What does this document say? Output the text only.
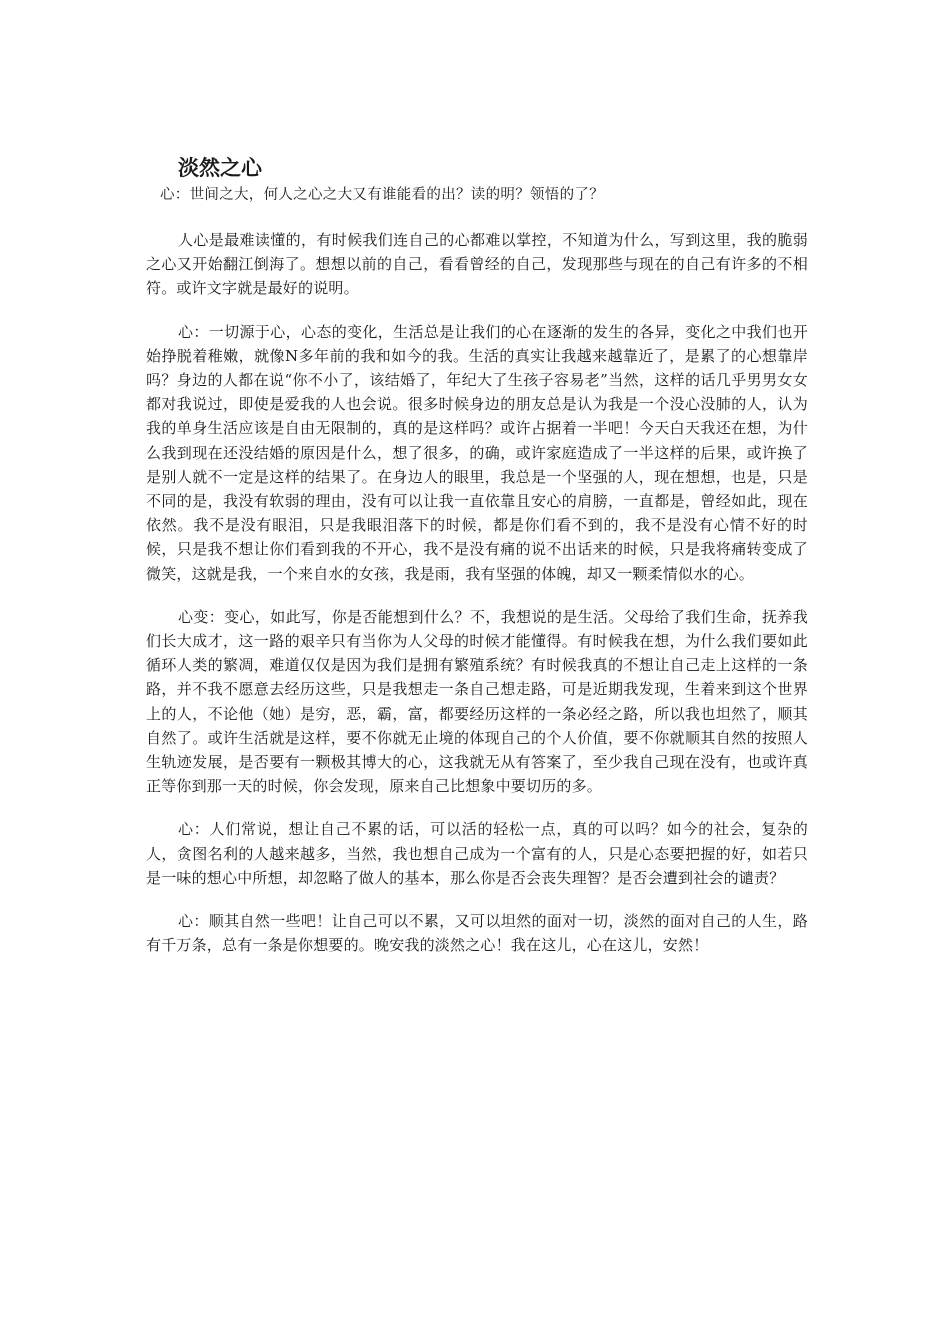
淡然之心

心：世间之大，何人之心之大又有谁能看的出？读的明？领悟的了？

人心是最难读懂的，有时候我们连自己的心都难以掌控，不知道为什么，写到这里，我的脆弱之心又开始翻江倒海了。想想以前的自己，看看曾经的自己，发现那些与现在的自己有许多的不相符。或许文字就是最好的说明。

心：一切源于心，心态的变化，生活总是让我们的心在逐渐的发生的各异，变化之中我们也开始挣脱着稚嫩，就像N多年前的我和如今的我。生活的真实让我越来越靠近了，是累了的心想靠岸吗？身边的人都在说“你不小了，该结婚了，年纪大了生孩子容易老”当然，这样的话几乎男男女女都对我说过，即使是爱我的人也会说。很多时候身边的朋友总是认为我是一个没心没肺的人，认为我的单身生活应该是自由无限制的，真的是这样吗？或许占据着一半吧！今天白天我还在想，为什么我到现在还没结婚的原因是什么，想了很多，的确，或许家庭造成了一半这样的后果，或许换了是别人就不一定是这样的结果了。在身边人的眼里，我总是一个坚强的人，现在想想，也是，只是不同的是，我没有软弱的理由，没有可以让我一直依靠且安心的肩膀，一直都是，曾经如此，现在依然。我不是没有眼泪，只是我眼泪落下的时候，都是你们看不到的，我不是没有心情不好的时候，只是我不想让你们看到我的不开心，我不是没有痛的说不出话来的时候，只是我将痛转变成了微笑，这就是我，一个来自水的女孩，我是雨，我有坚强的体魄，却又一颗柔情似水的心。

心变：变心，如此写，你是否能想到什么？不，我想说的是生活。父母给了我们生命，抚养我们长大成才，这一路的艰辛只有当你为人父母的时候才能懂得。有时候我在想，为什么我们要如此循环人类的繁凋，难道仅仅是因为我们是拥有繁殖系统？有时候我真的不想让自己走上这样的一条路，并不我不愿意去经历这些，只是我想走一条自己想走路，可是近期我发现，生着来到这个世界上的人，不论他（她）是穷，恶，霸，富，都要经历这样的一条必经之路，所以我也坦然了，顺其自然了。或许生活就是这样，要不你就无止境的体现自己的个人价值，要不你就顺其自然的按照人生轨迹发展，是否要有一颗极其博大的心，这我就无从有答案了，至少我自己现在没有，也或许真正等你到那一天的时候，你会发现，原来自己比想象中要切历的多。

心：人们常说，想让自己不累的话，可以活的轻松一点，真的可以吗？如今的社会，复杂的人，贪图名利的人越来越多，当然，我也想自己成为一个富有的人，只是心态要把握的好，如若只是一味的想心中所想，却忽略了做人的基本，那么你是否会丧失理智？是否会遭到社会的谴责？

心：顺其自然一些吧！让自己可以不累，又可以坦然的面对一切，淡然的面对自己的人生，路有千万条，总有一条是你想要的。晚安我的淡然之心！我在这儿，心在这儿，安然！
